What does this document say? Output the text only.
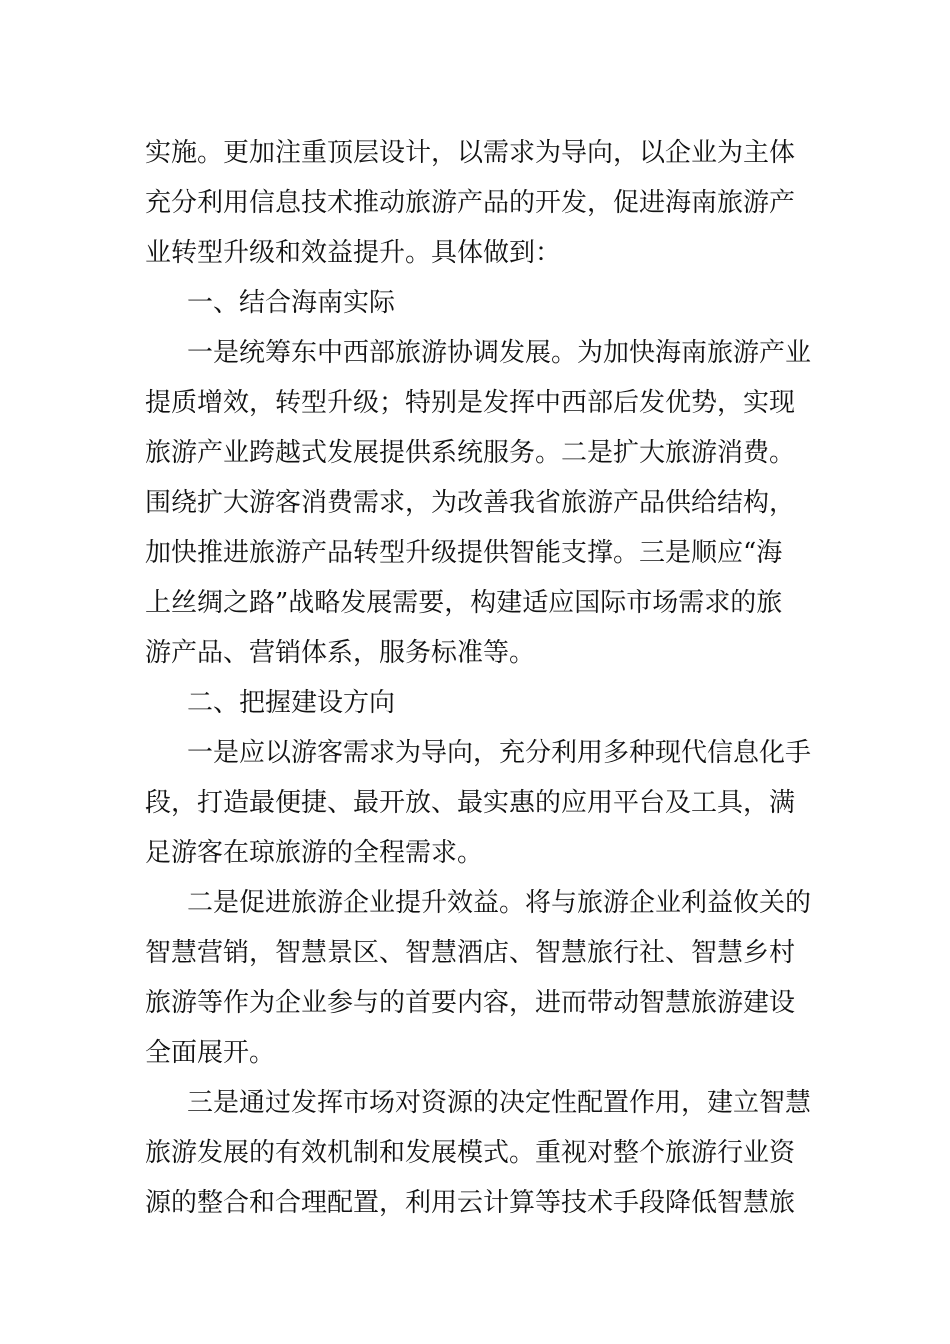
实施。更加注重顶层设计，以需求为导向，以企业为主体
充分利用信息技术推动旅游产品的开发，促进海南旅游产
业转型升级和效益提升。具体做到：
一、结合海南实际
一是统筹东中西部旅游协调发展。为加快海南旅游产业
提质增效，转型升级；特别是发挥中西部后发优势，实现
旅游产业跨越式发展提供系统服务。二是扩大旅游消费。
围绕扩大游客消费需求，为改善我省旅游产品供给结构，
加快推进旅游产品转型升级提供智能支撑。三是顺应“海
上丝绸之路”战略发展需要，构建适应国际市场需求的旅
游产品、营销体系，服务标准等。
二、把握建设方向
一是应以游客需求为导向，充分利用多种现代信息化手
段，打造最便捷、最开放、最实惠的应用平台及工具，满
足游客在琼旅游的全程需求。
二是促进旅游企业提升效益。将与旅游企业利益攸关的
智慧营销，智慧景区、智慧酒店、智慧旅行社、智慧乡村
旅游等作为企业参与的首要内容，进而带动智慧旅游建设
全面展开。
三是通过发挥市场对资源的决定性配置作用，建立智慧
旅游发展的有效机制和发展模式。重视对整个旅游行业资
源的整合和合理配置，利用云计算等技术手段降低智慧旅
